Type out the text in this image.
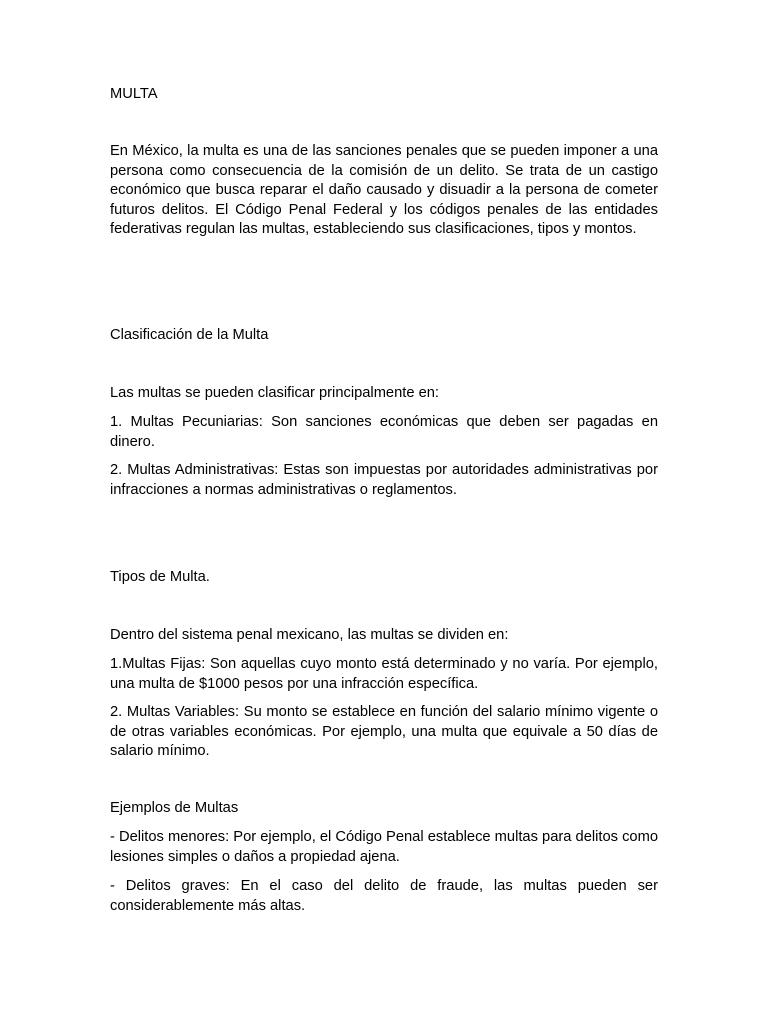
MULTA

En México, la multa es una de las sanciones penales que se pueden imponer a una persona como consecuencia de la comisión de un delito. Se trata de un castigo económico que busca reparar el daño causado y disuadir a la persona de cometer futuros delitos. El Código Penal Federal y los códigos penales de las entidades federativas regulan las multas, estableciendo sus clasificaciones, tipos y montos.

Clasificación de la Multa

Las multas se pueden clasificar principalmente en:

1. Multas Pecuniarias: Son sanciones económicas que deben ser pagadas en dinero.

2. Multas Administrativas: Estas son impuestas por autoridades administrativas por infracciones a normas administrativas o reglamentos.

Tipos de Multa.

Dentro del sistema penal mexicano, las multas se dividen en:

1.Multas Fijas: Son aquellas cuyo monto está determinado y no varía. Por ejemplo, una multa de $1000 pesos por una infracción específica.

2. Multas Variables: Su monto se establece en función del salario mínimo vigente o de otras variables económicas. Por ejemplo, una multa que equivale a 50 días de salario mínimo.

Ejemplos de Multas

- Delitos menores: Por ejemplo, el Código Penal establece multas para delitos como lesiones simples o daños a propiedad ajena.

- Delitos graves: En el caso del delito de fraude, las multas pueden ser considerablemente más altas.
